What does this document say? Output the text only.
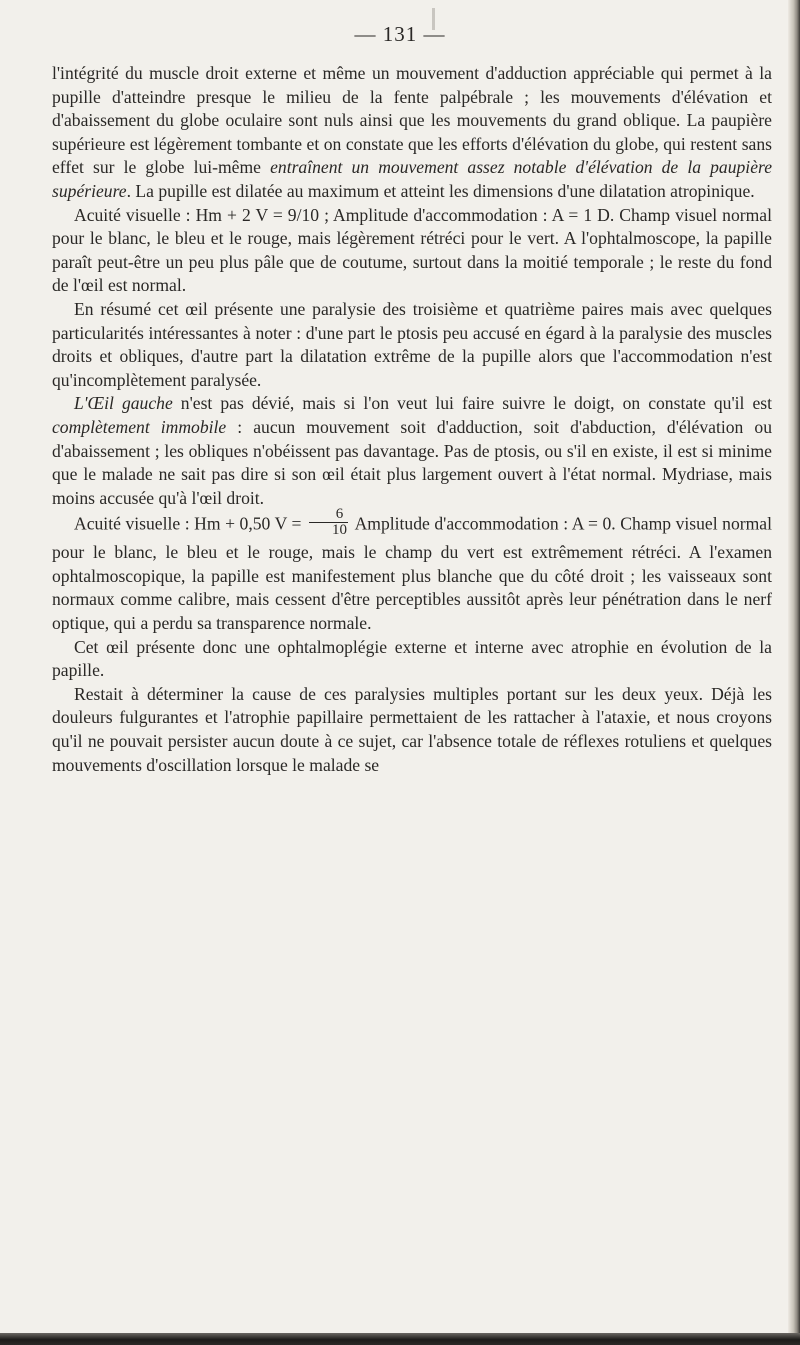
— 131 —

l'intégrité du muscle droit externe et même un mouvement d'adduction appréciable qui permet à la pupille d'atteindre presque le milieu de la fente palpébrale ; les mouvements d'élévation et d'abaissement du globe oculaire sont nuls ainsi que les mouvements du grand oblique. La paupière supérieure est légèrement tombante et on constate que les efforts d'élévation du globe, qui restent sans effet sur le globe lui-même entraînent un mouvement assez notable d'élévation de la paupière supérieure. La pupille est dilatée au maximum et atteint les dimensions d'une dilatation atropinique.

Acuité visuelle : Hm + 2 V = 9/10 ; Amplitude d'accommodation : A = 1 D. Champ visuel normal pour le blanc, le bleu et le rouge, mais légèrement rétréci pour le vert. A l'ophtalmoscope, la papille paraît peut-être un peu plus pâle que de coutume, surtout dans la moitié temporale ; le reste du fond de l'œil est normal.

En résumé cet œil présente une paralysie des troisième et quatrième paires mais avec quelques particularités intéressantes à noter : d'une part le ptosis peu accusé en égard à la paralysie des muscles droits et obliques, d'autre part la dilatation extrême de la pupille alors que l'accommodation n'est qu'incomplètement paralysée.

L'Œil gauche n'est pas dévié, mais si l'on veut lui faire suivre le doigt, on constate qu'il est complètement immobile : aucun mouvement soit d'adduction, soit d'abduction, d'élévation ou d'abaissement ; les obliques n'obéissent pas davantage. Pas de ptosis, ou s'il en existe, il est si minime que le malade ne sait pas dire si son œil était plus largement ouvert à l'état normal. Mydriase, mais moins accusée qu'à l'œil droit.

Acuité visuelle : Hm + 0,50 $V = \frac{6}{10}$ Amplitude d'accommodation : A = 0. Champ visuel normal pour le blanc, le bleu et le rouge, mais le champ du vert est extrêmement rétréci. A l'examen ophtalmoscopique, la papille est manifestement plus blanche que du côté droit ; les vaisseaux sont normaux comme calibre, mais cessent d'être perceptibles aussitôt après leur pénétration dans le nerf optique, qui a perdu sa transparence normale.

Cet œil présente donc une ophtalmoplégie externe et interne avec atrophie en évolution de la papille.

Restait à déterminer la cause de ces paralysies multiples portant sur les deux yeux. Déjà les douleurs fulgurantes et l'atrophie papillaire permettaient de les rattacher à l'ataxie, et nous croyons qu'il ne pouvait persister aucun doute à ce sujet, car l'absence totale de réflexes rotuliens et quelques mouvements d'oscillation lorsque le malade se
